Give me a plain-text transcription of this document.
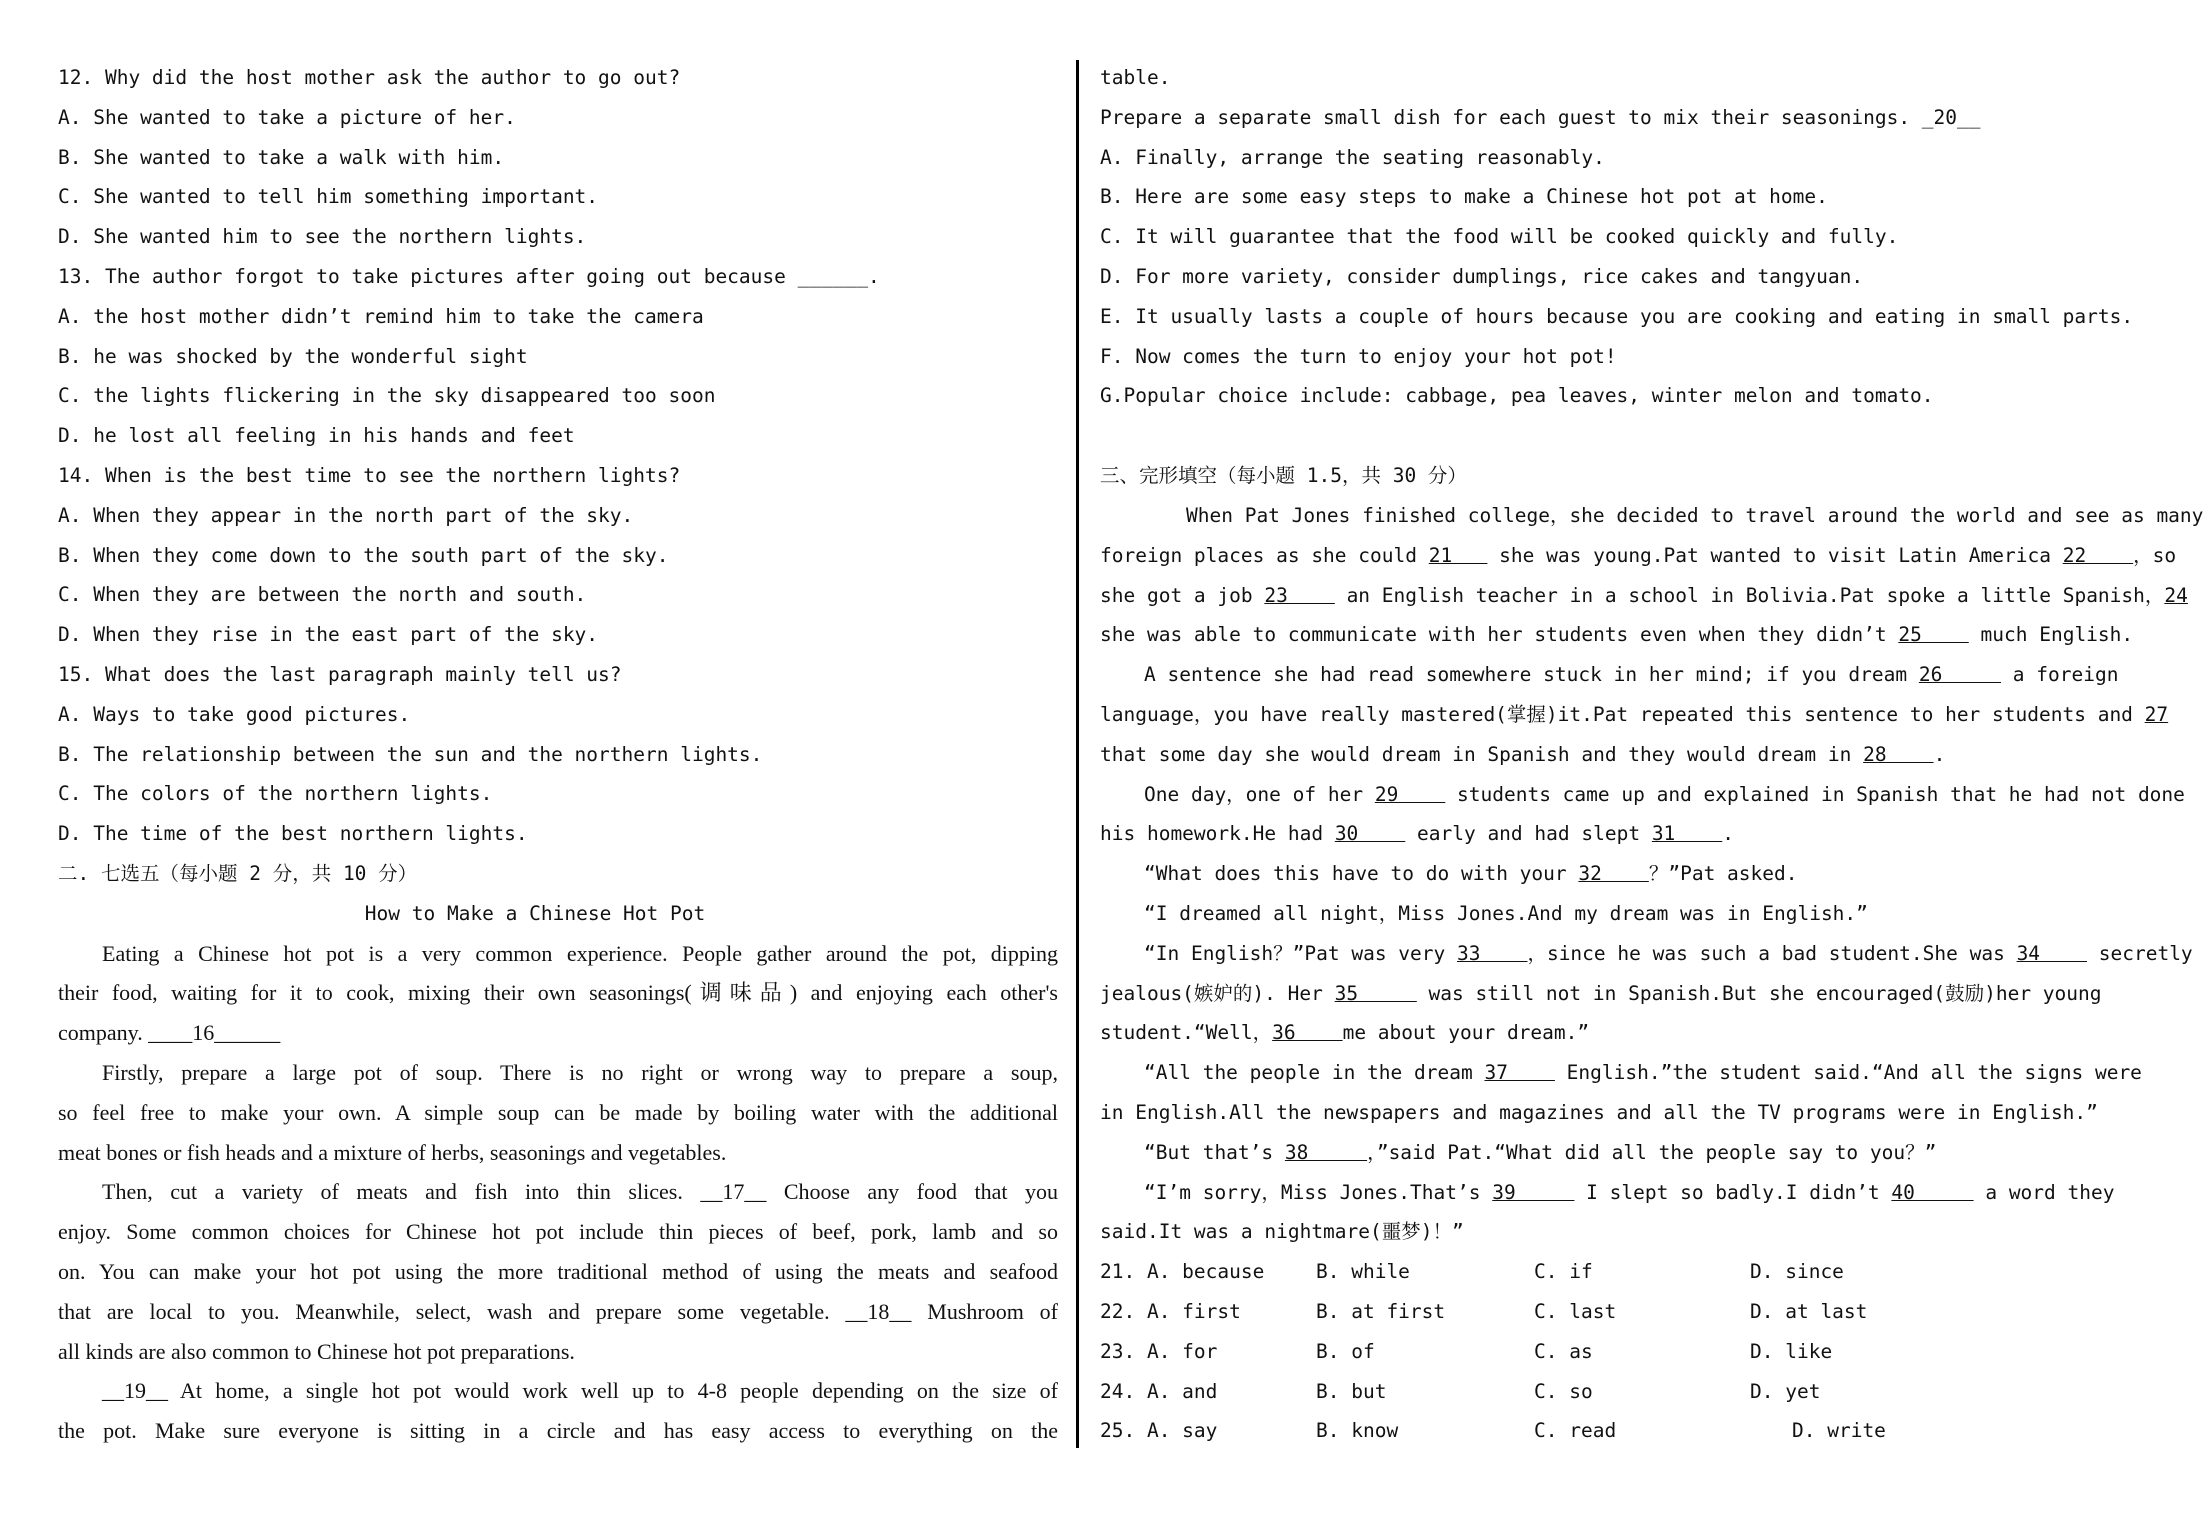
12. Why did the host mother ask the author to go out?
A. She wanted to take a picture of her.
B. She wanted to take a walk with him.
C. She wanted to tell him something important.
D. She wanted him to see the northern lights.
13. The author forgot to take pictures after going out because ______.
A. the host mother didn’t remind him to take the camera
B. he was shocked by the wonderful sight
C. the lights flickering in the sky disappeared too soon
D. he lost all feeling in his hands and feet
14. When is the best time to see the northern lights?
A. When they appear in the north part of the sky.
B. When they come down to the south part of the sky.
C. When they are between the north and south.
D. When they rise in the east part of the sky.
15. What does the last paragraph mainly tell us?
A. Ways to take good pictures.
B. The relationship between the sun and the northern lights.
C. The colors of the northern lights.
D. The time of the best northern lights.
二. 七选五（每小题 2 分，共 10 分）
How to Make a Chinese Hot Pot
Eating a Chinese hot pot is a very common experience. People gather around the pot, dipping
their food, waiting for it to cook, mixing their own seasonings(调味品) and enjoying each other's
company. ____16______
Firstly, prepare a large pot of soup. There is no right or wrong way to prepare a soup,
so feel free to make your own. A simple soup can be made by boiling water with the additional
meat bones or fish heads and a mixture of herbs, seasonings and vegetables.
Then, cut a variety of meats and fish into thin slices. __17__ Choose any food that you
enjoy. Some common choices for Chinese hot pot include thin pieces of beef, pork, lamb and so
on. You can make your hot pot using the more traditional method of using the meats and seafood
that are local to you. Meanwhile, select, wash and prepare some vegetable. __18__ Mushroom of
all kinds are also common to Chinese hot pot preparations.
__19__ At home, a single hot pot would work well up to 4-8 people depending on the size of
the pot. Make sure everyone is sitting in a circle and has easy access to everything on the
table.
Prepare a separate small dish for each guest to mix their seasonings. _20__
A. Finally, arrange the seating reasonably.
B. Here are some easy steps to make a Chinese hot pot at home.
C. It will guarantee that the food will be cooked quickly and fully.
D. For more variety, consider dumplings, rice cakes and tangyuan.
E. It usually lasts a couple of hours because you are cooking and eating in small parts.
F. Now comes the turn to enjoy your hot pot!
G.Popular choice include: cabbage, pea leaves, winter melon and tomato.
三、完形填空（每小题 1.5，共 30 分）
When Pat Jones finished college，she decided to travel around the world and see as many
foreign places as she could 21    she was young.Pat wanted to visit Latin America 22    ，so
she got a job 23     an English teacher in a school in Bolivia.Pat spoke a little Spanish，24
she was able to communicate with her students even when they didn’t 25     much English.
A sentence she had read somewhere stuck in her mind; if you dream 26      a foreign
language，you have really mastered(掌握)it.Pat repeated this sentence to her students and 27
that some day she would dream in Spanish and they would dream in 28    .
One day，one of her 29     students came up and explained in Spanish that he had not done
his homework.He had 30     early and had slept 31    .
“What does this have to do with your 32    ？”Pat asked.
“I dreamed all night，Miss Jones.And my dream was in English.”
“In English？”Pat was very 33    ，since he was such a bad student.She was 34     secretly
jealous(嫉妒的). Her 35      was still not in Spanish.But she encouraged(鼓励)her young
student.“Well，36    me about your dream.”
“All the people in the dream 37     English.”the student said.“And all the signs were
in English.All the newspapers and magazines and all the TV programs were in English.”
“But that’s 38     ，”said Pat.“What did all the people say to you？”
“I’m sorry，Miss Jones.That’s 39      I slept so badly.I didn’t 40      a word they
said.It was a nightmare(噩梦)！”
21. A. because	B. while	C. if	D. since
22. A. first	B. at first	C. last	D. at last
23. A. for	B. of	C. as	D. like
24. A. and	B. but	C. so	D. yet
25. A. say	B. know	C. read	D. write
